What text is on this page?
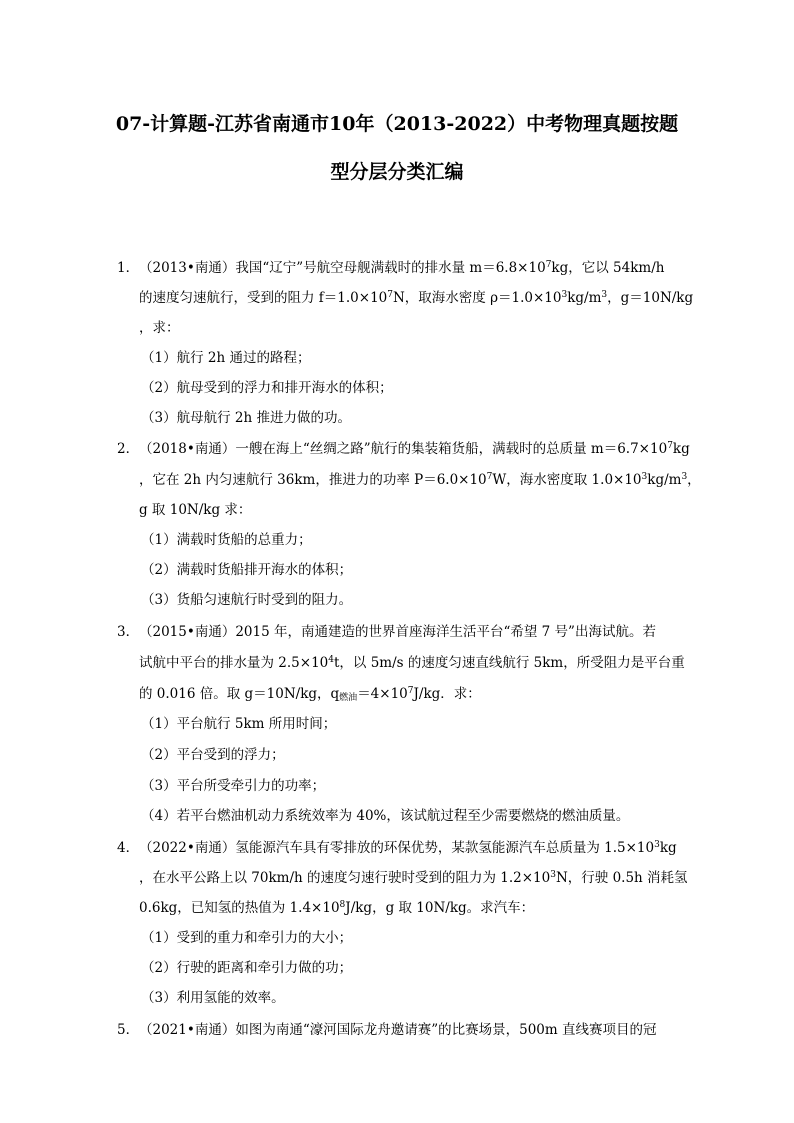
07-计算题-江苏省南通市10年（2013-2022）中考物理真题按题
型分层分类汇编
1． （2013•南通）我国“辽宁”号航空母舰满载时的排水量 $m=6.8\times 10^7kg$，它以 54km/h
的速度匀速航行，受到的阻力 $f=1.0\times 10^7N$，取海水密度 $\rho=1.0\times 10^3kg/m^3$，g＝10N/kg
，求：
（1）航行 2h 通过的路程；
（2）航母受到的浮力和排开海水的体积；
（3）航母航行 2h 推进力做的功。
2． （2018•南通）一艘在海上“丝绸之路”航行的集装箱货船，满载时的总质量 $m=6.7\times 10^7kg$
，它在 2h 内匀速航行 36km，推进力的功率 $P=6.0\times 10^7W$，海水密度取 $1.0\times 10^3kg/m^3$，
g 取 10N/kg 求：
（1）满载时货船的总重力；
（2）满载时货船排开海水的体积；
（3）货船匀速航行时受到的阻力。
3． （2015•南通）2015 年，南通建造的世界首座海洋生活平台“希望 7 号”出海试航。若
试航中平台的排水量为 $2.5\times 10^4t$，以 5m/s 的速度匀速直线航行 5km，所受阻力是平台重
的 0.016 倍。取 g＝10N/kg，$q_{燃油}=4\times 10^7J/kg$．求：
（1）平台航行 5km 所用时间；
（2）平台受到的浮力；
（3）平台所受牵引力的功率；
（4）若平台燃油机动力系统效率为 40%，该试航过程至少需要燃烧的燃油质量。
4． （2022•南通）氢能源汽车具有零排放的环保优势，某款氢能源汽车总质量为 $1.5\times 10^3kg$
，在水平公路上以 70km/h 的速度匀速行驶时受到的阻力为 $1.2\times 10^3N$，行驶 0.5h 消耗氢
0.6kg，已知氢的热值为 $1.4\times 10^8J/kg$，g 取 10N/kg。求汽车：
（1）受到的重力和牵引力的大小；
（2）行驶的距离和牵引力做的功；
（3）利用氢能的效率。
5． （2021•南通）如图为南通“濠河国际龙舟邀请赛”的比赛场景，500m 直线赛项目的冠
